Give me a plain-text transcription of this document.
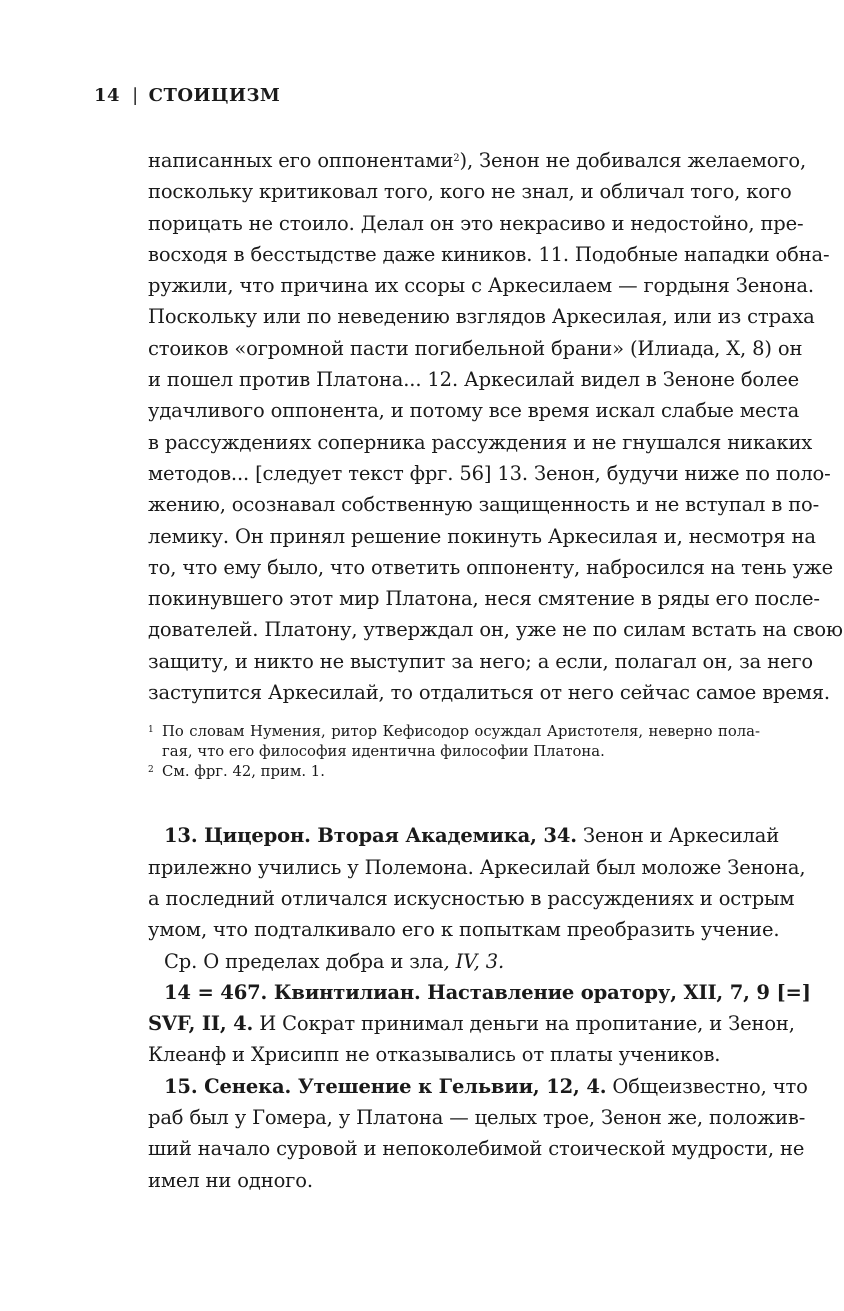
14 | СТОИЦИЗМ
написанных его оппонентами$^2$), Зенон не добивался желаемого,
поскольку критиковал того, кого не знал, и обличал того, кого
порицать не стоило. Делал он это некрасиво и недостойно, пре-
восходя в бесстыдстве даже киников. 11. Подобные нападки обна-
ружили, что причина их ссоры с Аркесилаем — гордыня Зенона.
Поскольку или по неведению взглядов Аркесилая, или из страха
стоиков «огромной пасти погибельной брани» (Илиада, X, 8) он
и пошел против Платона... 12. Аркесилай видел в Зеноне более
удачливого оппонента, и потому все время искал слабые места
в рассуждениях соперника рассуждения и не гнушался никаких
методов... [следует текст фрг. 56] 13. Зенон, будучи ниже по поло-
жению, осознавал собственную защищенность и не вступал в по-
лемику. Он принял решение покинуть Аркесилая и, несмотря на
то, что ему было, что ответить оппоненту, набросился на тень уже
покинувшего этот мир Платона, неся смятение в ряды его после-
дователей. Платону, утверждал он, уже не по силам встать на свою
защиту, и никто не выступит за него; а если, полагал он, за него
заступится Аркесилай, то отдалиться от него сейчас самое время.
1 По словам Нумения, ритор Кефисодор осуждал Аристотеля, неверно пола-
гая, что его философия идентична философии Платона.
2 См. фрг. 42, прим. 1.
13. Цицерон. Вторая Академика, 34. Зенон и Аркесилай
прилежно учились у Полемона. Аркесилай был моложе Зенона,
а последний отличался искусностью в рассуждениях и острым
умом, что подталкивало его к попыткам преобразить учение.
Ср. О пределах добра и зла, IV, 3.
14 = 467. Квинтилиан. Наставление оратору, XII, 7, 9 [=]
SVF, II, 4. И Сократ принимал деньги на пропитание, и Зенон,
Клеанф и Хрисипп не отказывались от платы учеников.
15. Сенека. Утешение к Гельвии, 12, 4. Общеизвестно, что
раб был у Гомера, у Платона — целых трое, Зенон же, положив-
ший начало суровой и непоколебимой стоической мудрости, не
имел ни одного.
